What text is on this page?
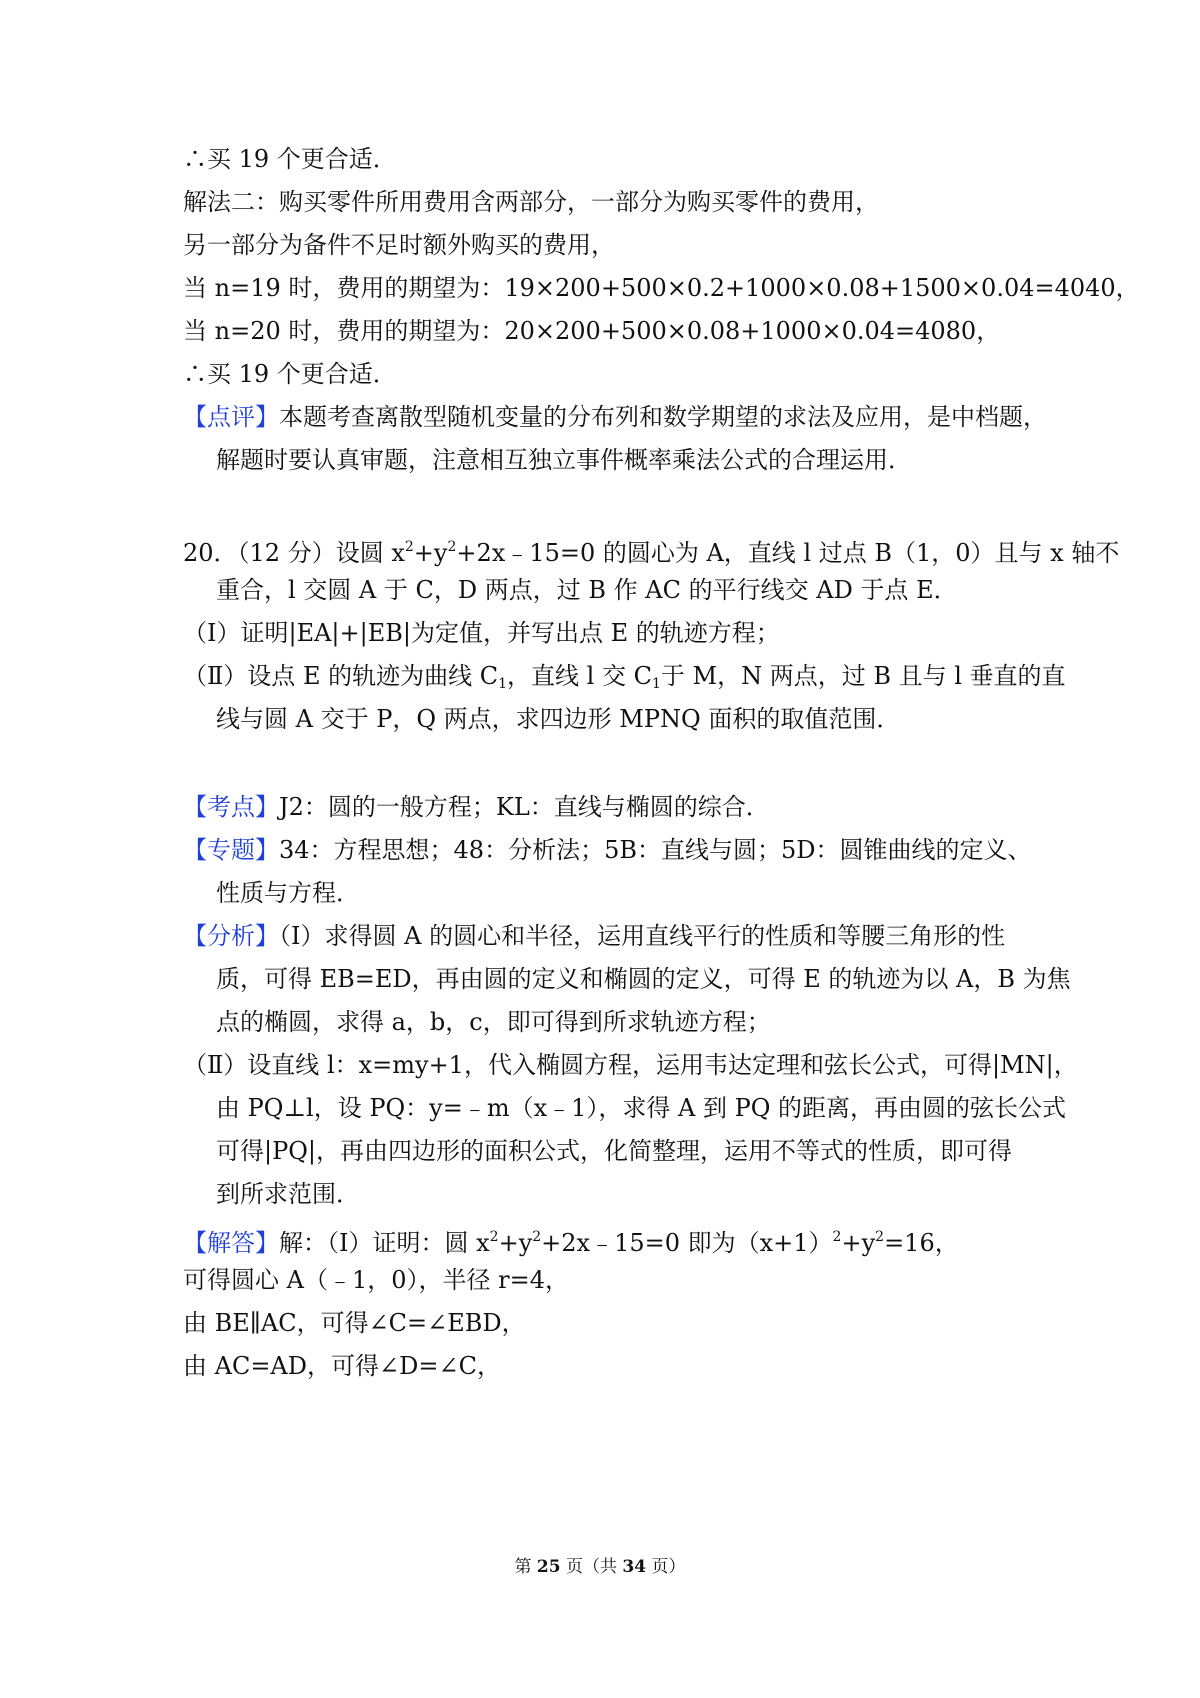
∴买 19 个更合适．
解法二：购买零件所用费用含两部分，一部分为购买零件的费用，
另一部分为备件不足时额外购买的费用，
当 n=19 时，费用的期望为：19×200+500×0.2+1000×0.08+1500×0.04=4040，
当 n=20 时，费用的期望为：20×200+500×0.08+1000×0.04=4080，
∴买 19 个更合适．
【点评】本题考查离散型随机变量的分布列和数学期望的求法及应用，是中档题，
解题时要认真审题，注意相互独立事件概率乘法公式的合理运用．
20．（12 分）设圆 $x^2+y^2+2x﹣15=0$ 的圆心为 A，直线 l 过点 B（1，0）且与 x 轴不
重合，l 交圆 A 于 C，D 两点，过 B 作 AC 的平行线交 AD 于点 E．
（Ⅰ）证明|EA|+|EB|为定值，并写出点 E 的轨迹方程；
（Ⅱ）设点 E 的轨迹为曲线 $C_1$，直线 l 交 $C_1$于 M，N 两点，过 B 且与 l 垂直的直
线与圆 A 交于 P，Q 两点，求四边形 MPNQ 面积的取值范围．
【考点】J2：圆的一般方程；KL：直线与椭圆的综合．
【专题】34：方程思想；48：分析法；5B：直线与圆；5D：圆锥曲线的定义、
性质与方程．
【分析】（Ⅰ）求得圆 A 的圆心和半径，运用直线平行的性质和等腰三角形的性
质，可得 EB=ED，再由圆的定义和椭圆的定义，可得 E 的轨迹为以 A，B 为焦
点的椭圆，求得 a，b，c，即可得到所求轨迹方程；
（Ⅱ）设直线 l：x=my+1，代入椭圆方程，运用韦达定理和弦长公式，可得|MN|，
由 PQ⊥l，设 PQ：y=﹣m（x﹣1），求得 A 到 PQ 的距离，再由圆的弦长公式
可得|PQ|，再由四边形的面积公式，化简整理，运用不等式的性质，即可得
到所求范围．
【解答】解：（Ⅰ）证明：圆 $x^2+y^2+2x﹣15=0$ 即为$(x+1)^2+y^2=16$，
可得圆心 A（﹣1，0），半径 r=4，
由 BE∥AC，可得∠C=∠EBD，
由 AC=AD，可得∠D=∠C，
第 25 页（共 34 页）
